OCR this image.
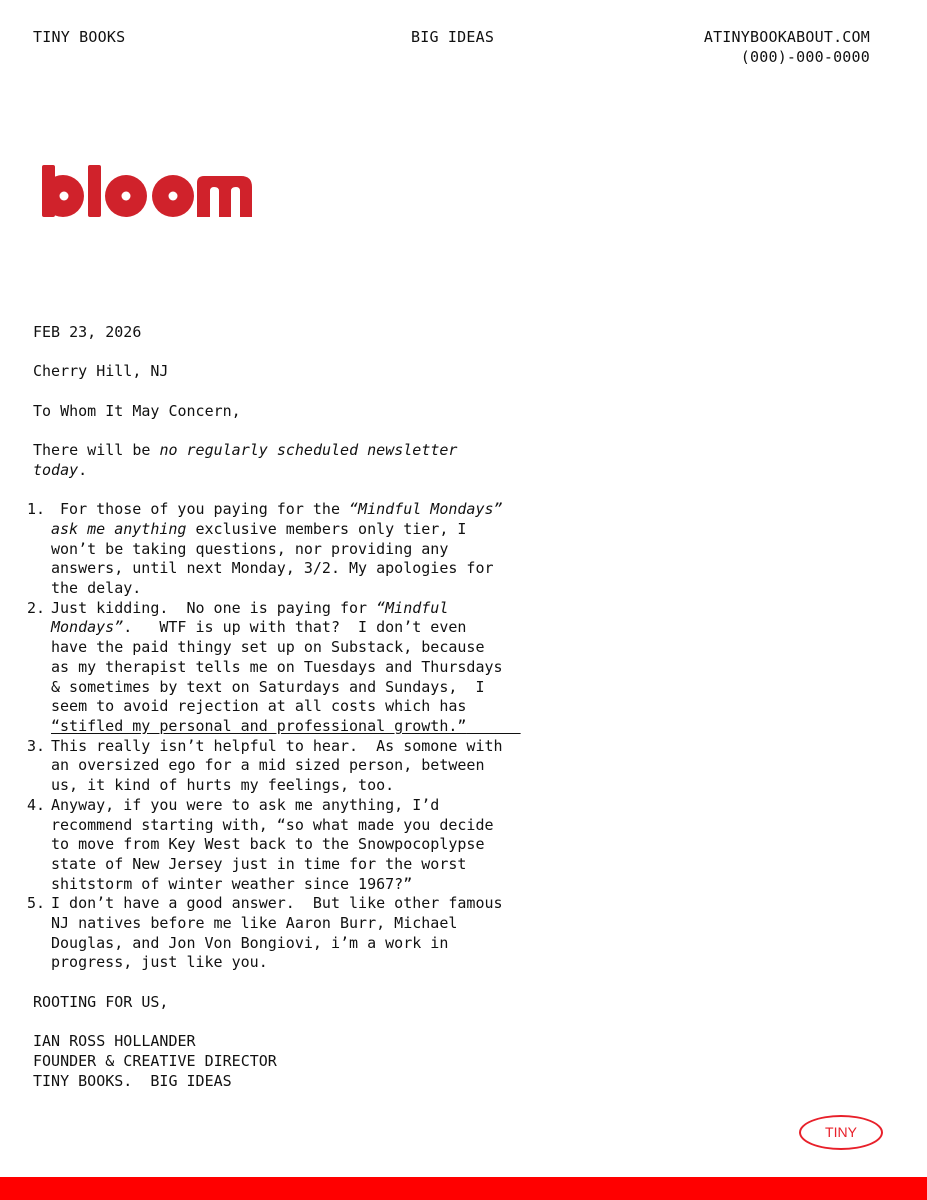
TINY BOOKS	BIG IDEAS	ATINYBOOKABOUT.COM
(000)-000-0000

FEB 23, 2026

Cherry Hill, NJ

To Whom It May Concern,

There will be no regularly scheduled newsletter today.

1. For those of you paying for the “Mindful Mondays” ask me anything exclusive members only tier, I won’t be taking questions, nor providing any answers, until next Monday, 3/2. My apologies for the delay.
2. Just kidding.  No one is paying for “Mindful Mondays”.   WTF is up with that?  I don’t even have the paid thingy set up on Substack, because as my therapist tells me on Tuesdays and Thursdays & sometimes by text on Saturdays and Sundays,  I seem to avoid rejection at all costs which has “stifled my personal and professional growth.”
3. This really isn’t helpful to hear.  As somone with an oversized ego for a mid sized person, between us, it kind of hurts my feelings, too.
4. Anyway, if you were to ask me anything, I’d recommend starting with, “so what made you decide to move from Key West back to the Snowpocoplypse state of New Jersey just in time for the worst shitstorm of winter weather since 1967?”
5. I don’t have a good answer.  But like other famous NJ natives before me like Aaron Burr, Michael Douglas, and Jon Von Bongiovi, i’m a work in progress, just like you.

ROOTING FOR US,

IAN ROSS HOLLANDER

FOUNDER & CREATIVE DIRECTOR

TINY BOOKS.  BIG IDEAS

TINY
